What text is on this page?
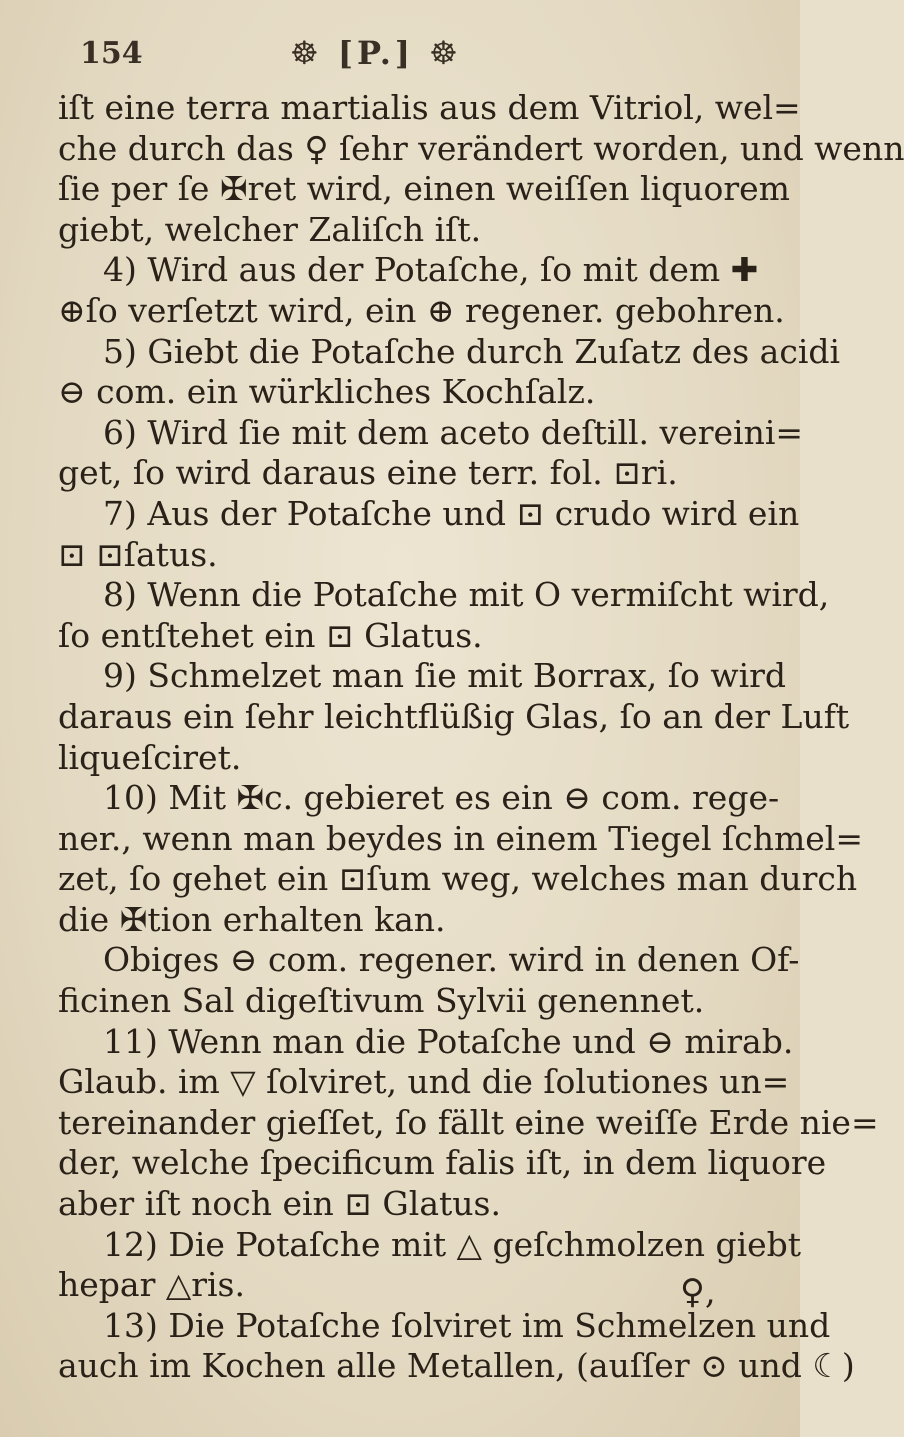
154	☸ [P.] ☸
iſt eine terra martialis aus dem Vitriol, wel=
che durch das ♀ ſehr verändert worden, und wenn
ſie per ſe ✠ret wird, einen weiſſen liquorem
giebt, welcher Zaliſch iſt.
4) Wird aus der Potaſche, ſo mit dem ✚
⊕ſo verſetzt wird, ein ⊕ regener. gebohren.
5) Giebt die Potaſche durch Zuſatz des acidi
⊖ com. ein würkliches Kochſalz.
6) Wird ſie mit dem aceto deſtill. vereini=
get, ſo wird daraus eine terr. fol. ⊡ri.
7) Aus der Potaſche und ⊡ crudo wird ein
⊡ ⊡ſatus.
8) Wenn die Potaſche mit O vermiſcht wird,
ſo entſtehet ein ⊡ Glatus.
9) Schmelzet man ſie mit Borrax, ſo wird
daraus ein ſehr leichtflüßig Glas, ſo an der Luft
liqueſciret.
10) Mit ✠c. gebieret es ein ⊖ com. rege-
ner., wenn man beydes in einem Tiegel ſchmel=
zet, ſo gehet ein ⊡ſum weg, welches man durch
die ✠tion erhalten kan.
Obiges ⊖ com. regener. wird in denen Of-
ficinen Sal digeſtivum Sylvii genennet.
11) Wenn man die Potaſche und ⊖ mirab.
Glaub. im ▽ ſolviret, und die ſolutiones un=
tereinander gieſſet, ſo fällt eine weiſſe Erde nie=
der, welche ſpecificum falis iſt, in dem liquore
aber iſt noch ein ⊡ Glatus.
12) Die Potaſche mit △ geſchmolzen giebt
hepar △ris.
13) Die Potaſche ſolviret im Schmelzen und
auch im Kochen alle Metallen, (auſſer ⊙ und ☾)
♀,
